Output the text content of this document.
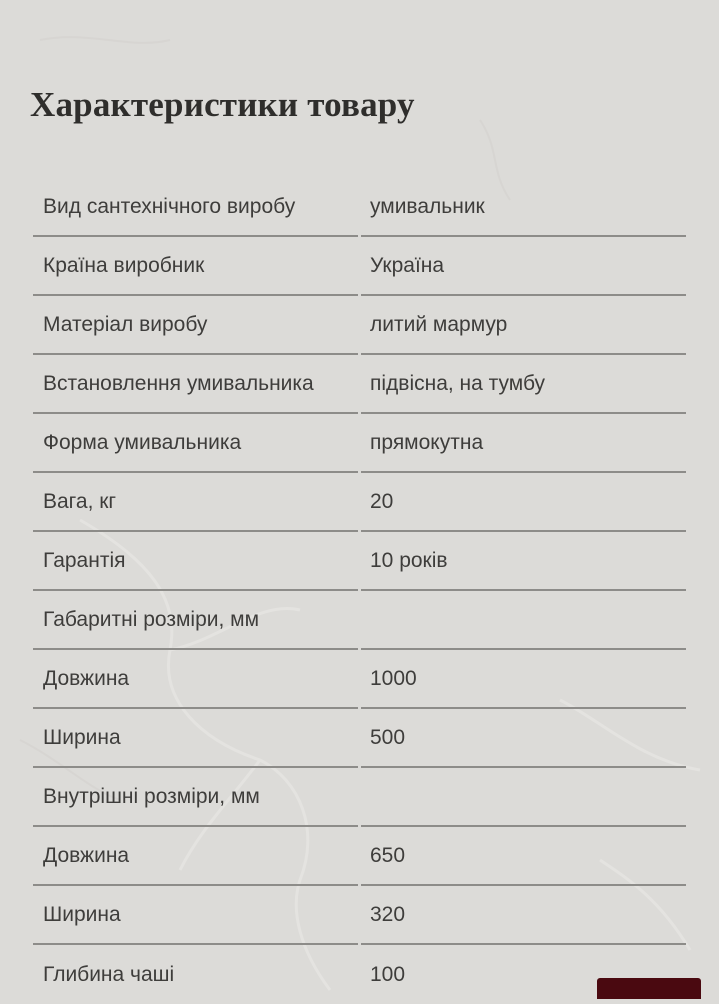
Характеристики товару
Вид сантехнічного виробу	умивальник
Країна виробник	Україна
Матеріал виробу	литий мармур
Встановлення умивальника	підвісна, на тумбу
Форма умивальника	прямокутна
Вага, кг	20
Гарантія	10 років
Габаритні розміри, мм
Довжина	1000
Ширина	500
Внутрішні розміри, мм
Довжина	650
Ширина	320
Глибина чаші	100
